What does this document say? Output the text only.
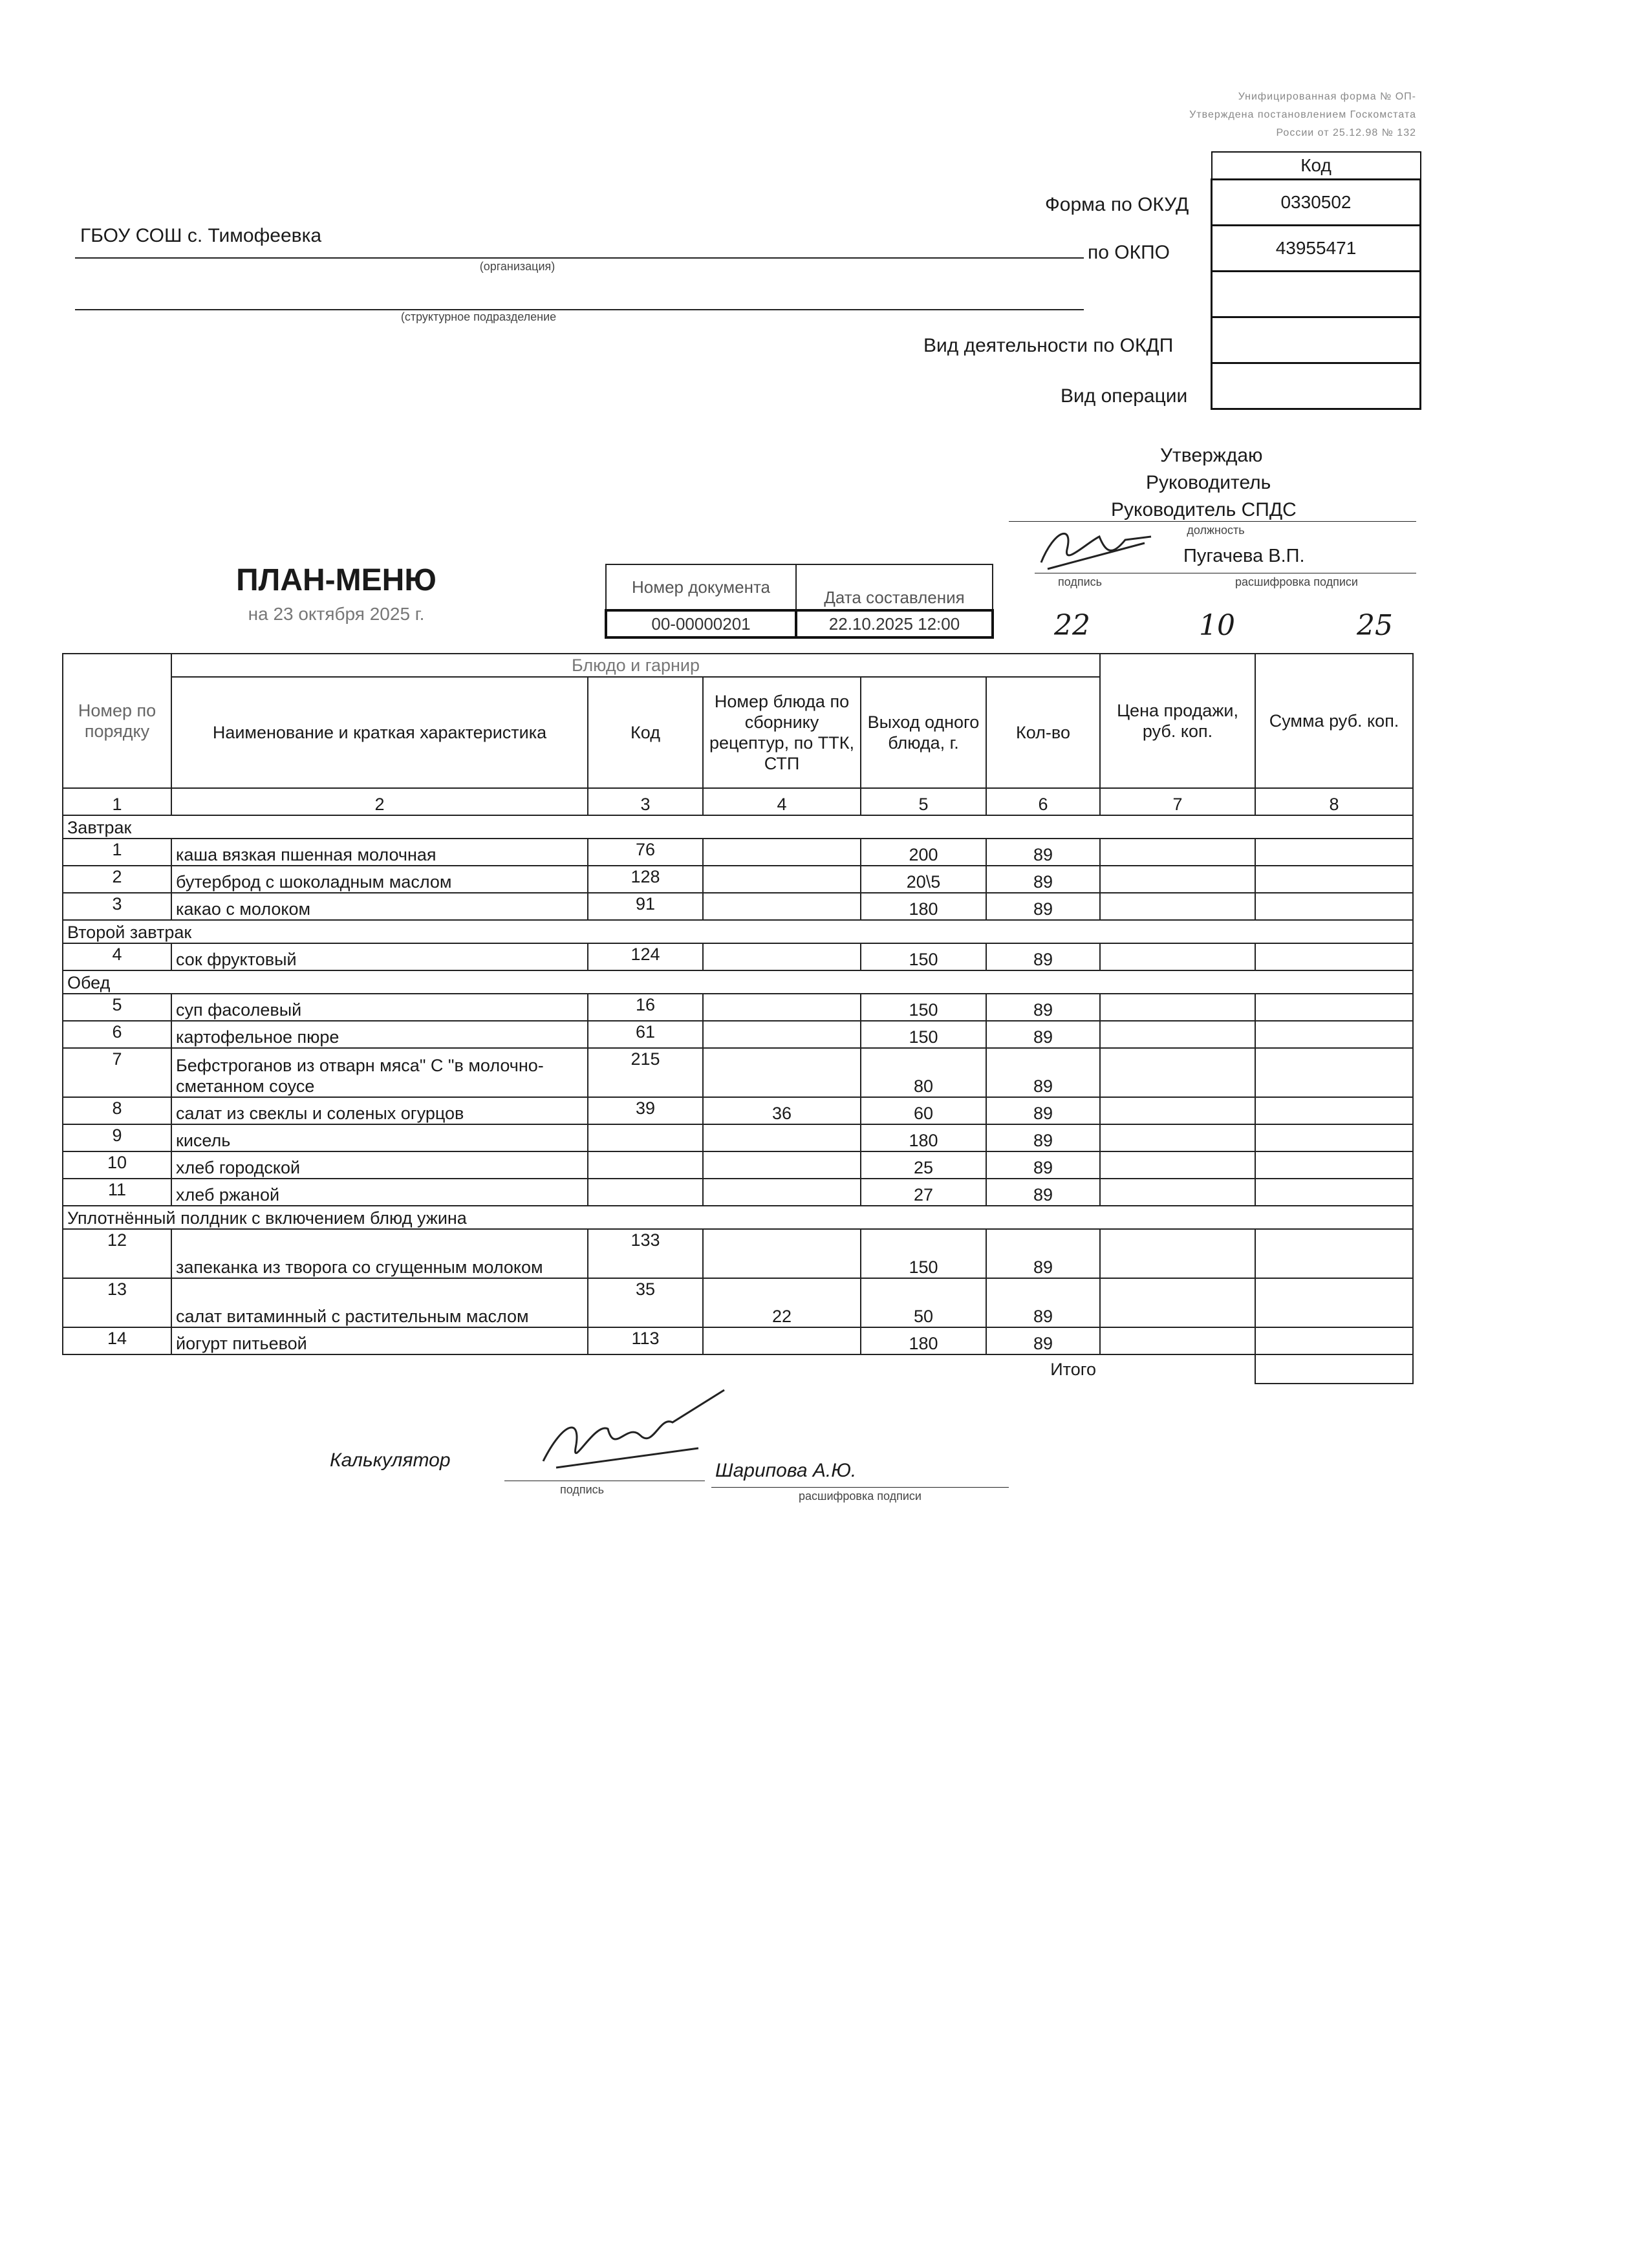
Унифицированная форма № ОП-
Утверждена постановлением Госкомстата
России от 25.12.98 № 132
Код
0330502
43955471

Форма по ОКУД
по ОКПО
Вид деятельности по ОКДП
Вид операции
ГБОУ СОШ с. Тимофеевка
(организация)
(структурное подразделение
Утверждаю
Руководитель
Руководитель СПДС
должность
Пугачева В.П.
подпись	расшифровка подписи
22	10	25
ПЛАН-МЕНЮ
на 23 октября 2025 г.
Номер документа	Дата составления
00-00000201	22.10.2025 12:00
Номер по порядку	Блюдо и гарнир					Цена продажи, руб. коп.	Сумма руб. коп.
	Наименование и краткая характеристика	Код	Номер блюда по сборнику рецептур, по ТТК, СТП	Выход одного блюда, г.	Кол-во		
1	2	3	4	5	6	7	8
Завтрак							
1	каша вязкая пшенная молочная	76		200	89		
2	бутерброд с шоколадным маслом	128		20\5	89		
3	какао с молоком	91		180	89		
Второй завтрак							
4	сок фруктовый	124		150	89		
Обед							
5	суп фасолевый	16		150	89		
6	картофельное пюре	61		150	89		
7	Бефстроганов из отварн мяса" С "в молочно-сметанном соусе	215		80	89		
8	салат из свеклы и соленых огурцов	39	36	60	89		
9	кисель			180	89		
10	хлеб городской			25	89		
11	хлеб ржаной			27	89		
Уплотнённый полдник с включением блюд ужина							
12	запеканка из творога со сгущенным молоком	133		150	89		
13	салат витаминный с растительным маслом	35	22	50	89		
14	йогурт питьевой	113		180	89		
Итого							
Калькулятор
подпись
Шарипова А.Ю.
расшифровка подписи
